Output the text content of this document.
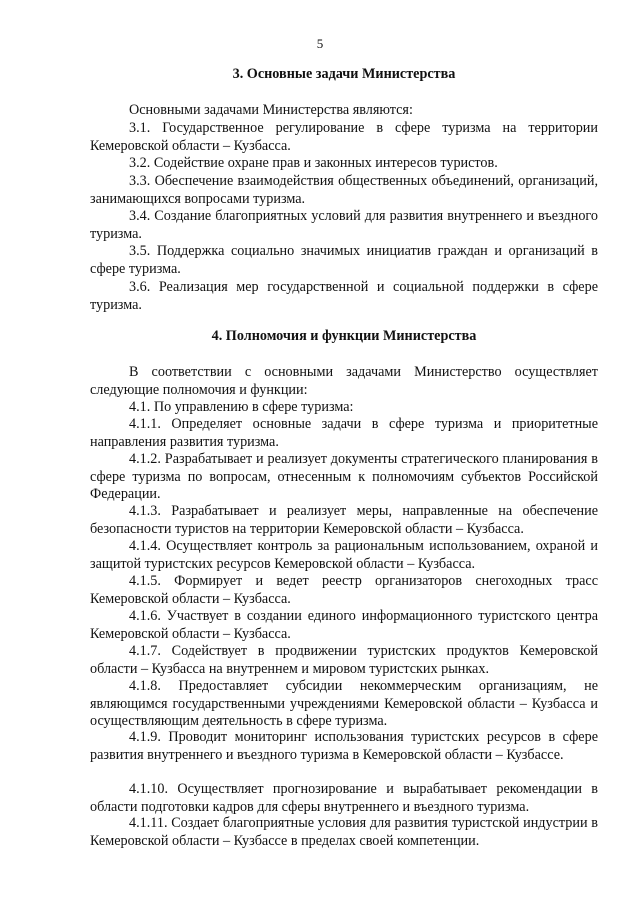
5
3. Основные задачи Министерства
Основными задачами Министерства являются:
3.1. Государственное регулирование в сфере туризма на территории Кемеровской области – Кузбасса.
3.2. Содействие охране прав и законных интересов туристов.
3.3. Обеспечение взаимодействия общественных объединений, организаций, занимающихся вопросами туризма.
3.4. Создание благоприятных условий для развития внутреннего и въездного туризма.
3.5. Поддержка социально значимых инициатив граждан и организаций в сфере туризма.
3.6. Реализация мер государственной и социальной поддержки в сфере туризма.
4. Полномочия и функции Министерства
В соответствии с основными задачами Министерство осуществляет следующие полномочия и функции:
4.1. По управлению в сфере туризма:
4.1.1. Определяет основные задачи в сфере туризма и приоритетные направления развития туризма.
4.1.2. Разрабатывает и реализует документы стратегического планирования в сфере туризма по вопросам, отнесенным к полномочиям субъектов Российской Федерации.
4.1.3. Разрабатывает и реализует меры, направленные на обеспечение безопасности туристов на территории Кемеровской области – Кузбасса.
4.1.4. Осуществляет контроль за рациональным использованием, охраной и защитой туристских ресурсов Кемеровской области – Кузбасса.
4.1.5. Формирует и ведет реестр организаторов снегоходных трасс Кемеровской области – Кузбасса.
4.1.6. Участвует в создании единого информационного туристского центра Кемеровской области – Кузбасса.
4.1.7. Содействует в продвижении туристских продуктов Кемеровской области – Кузбасса на внутреннем и мировом туристских рынках.
4.1.8. Предоставляет субсидии некоммерческим организациям, не являющимся государственными учреждениями Кемеровской области – Кузбасса и осуществляющим деятельность в сфере туризма.
4.1.9. Проводит мониторинг использования туристских ресурсов в сфере развития внутреннего и въездного туризма в Кемеровской области – Кузбассе.
4.1.10. Осуществляет прогнозирование и вырабатывает рекомендации в области подготовки кадров для сферы внутреннего и въездного туризма.
4.1.11. Создает благоприятные условия для развития туристской индустрии в Кемеровской области – Кузбассе в пределах своей компетенции.
